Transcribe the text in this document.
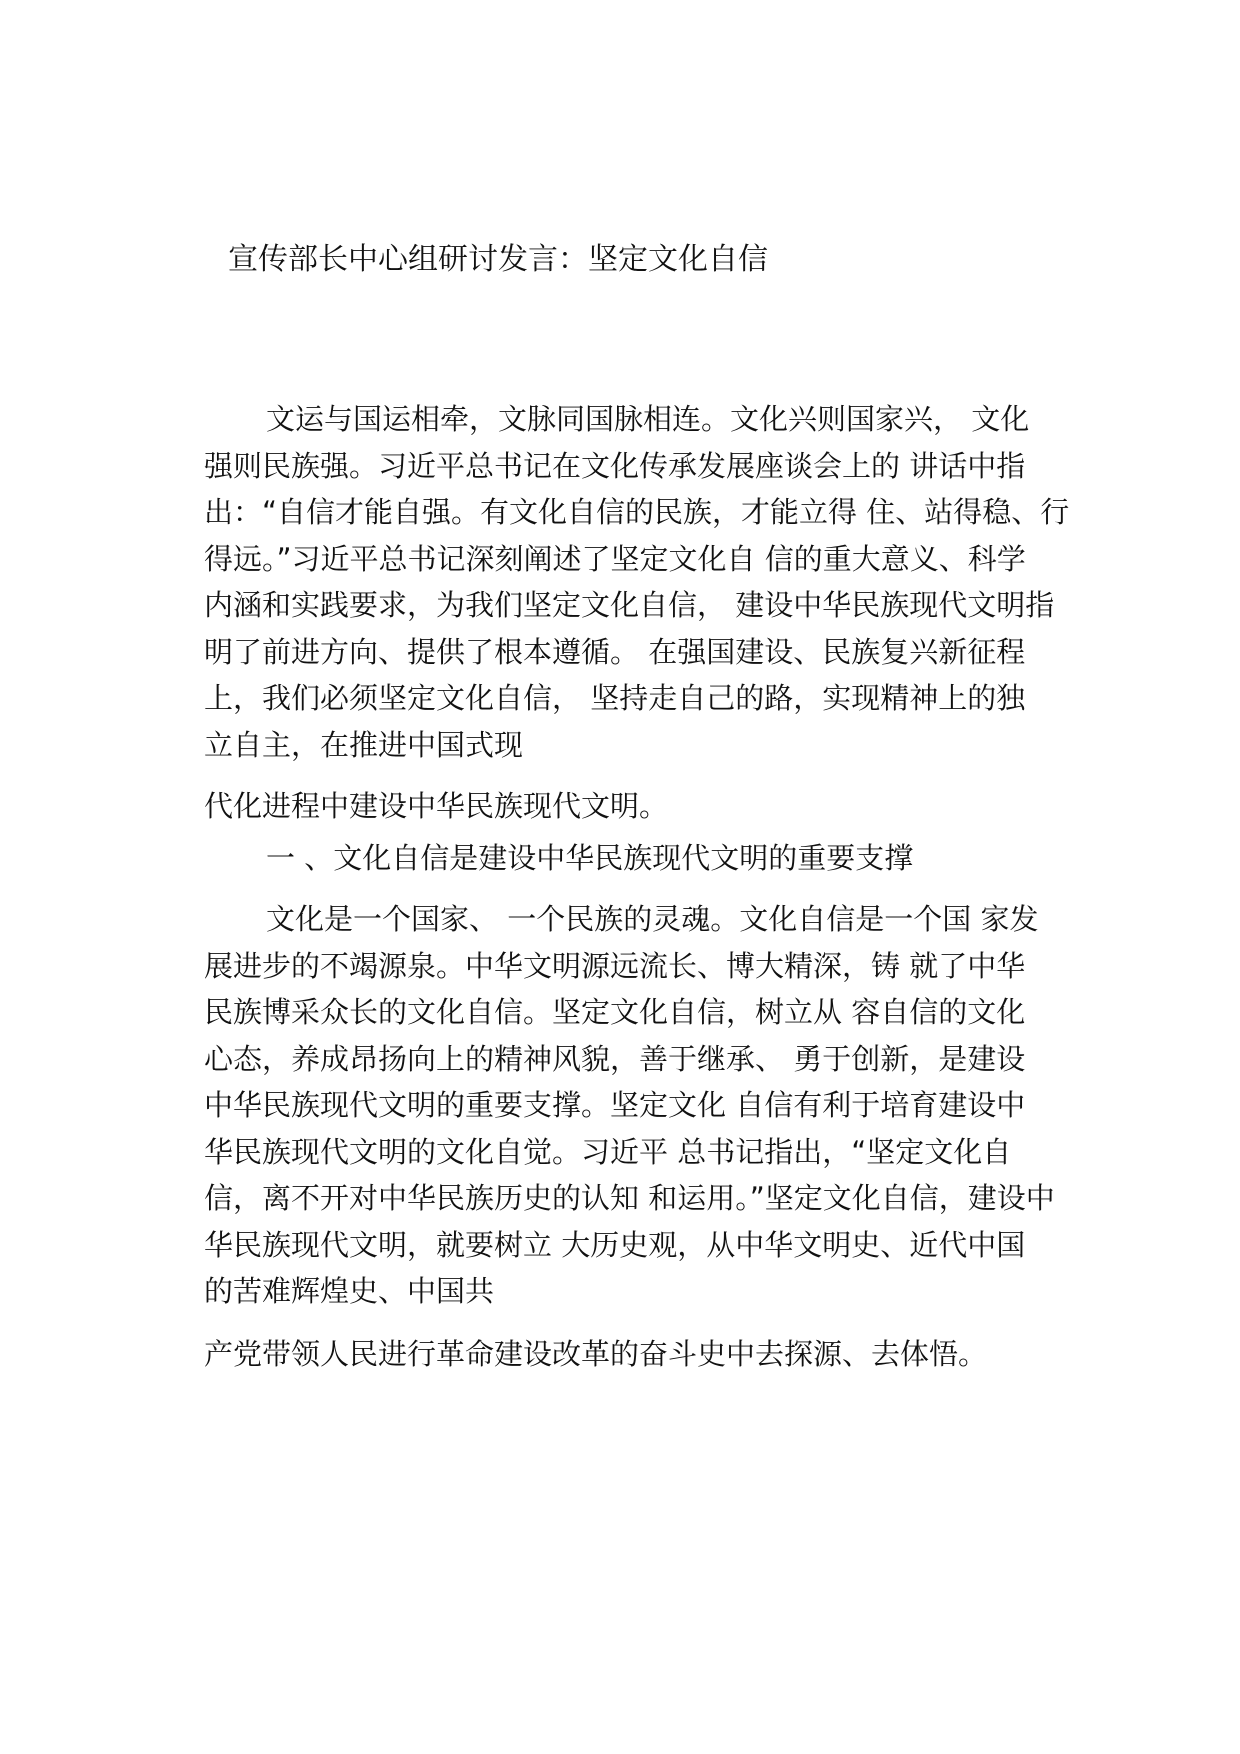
宣传部长中心组研讨发言：坚定文化自信
文运与国运相牵，文脉同国脉相连。文化兴则国家兴， 文化
强则民族强。习近平总书记在文化传承发展座谈会上的 讲话中指
出：“自信才能自强。有文化自信的民族，才能立得 住、站得稳、行
得远。”习近平总书记深刻阐述了坚定文化自 信的重大意义、科学
内涵和实践要求，为我们坚定文化自信， 建设中华民族现代文明指
明了前进方向、提供了根本遵循。 在强国建设、民族复兴新征程
上，我们必须坚定文化自信， 坚持走自己的路，实现精神上的独
立自主，在推进中国式现
代化进程中建设中华民族现代文明。
一 、文化自信是建设中华民族现代文明的重要支撑
文化是一个国家、 一个民族的灵魂。文化自信是一个国 家发
展进步的不竭源泉。中华文明源远流长、博大精深，铸 就了中华
民族博采众长的文化自信。坚定文化自信，树立从 容自信的文化
心态，养成昂扬向上的精神风貌，善于继承、 勇于创新，是建设
中华民族现代文明的重要支撑。坚定文化 自信有利于培育建设中
华民族现代文明的文化自觉。习近平 总书记指出，“坚定文化自
信，离不开对中华民族历史的认知 和运用。”坚定文化自信，建设中
华民族现代文明，就要树立 大历史观，从中华文明史、近代中国
的苦难辉煌史、中国共
产党带领人民进行革命建设改革的奋斗史中去探源、去体悟。
